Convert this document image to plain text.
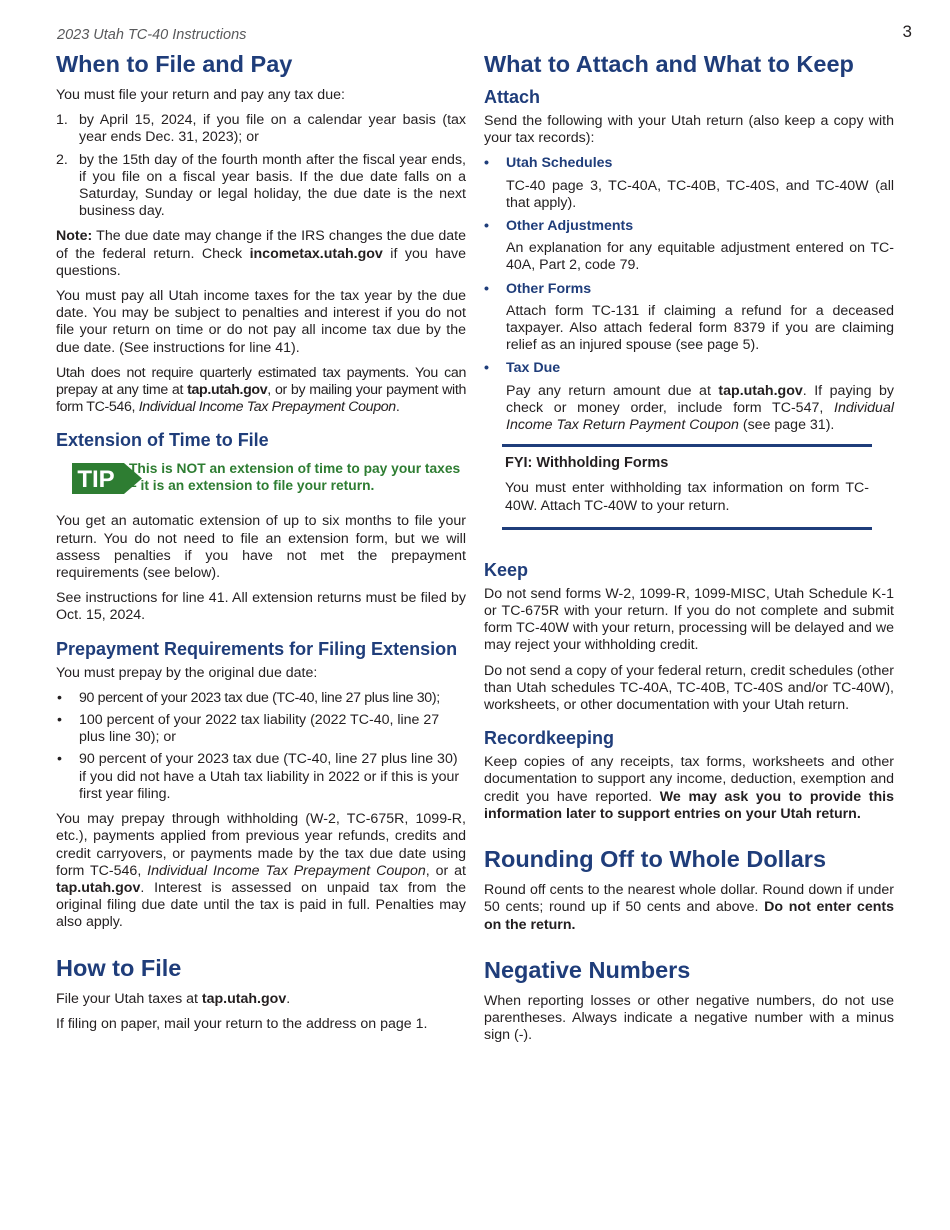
2023 Utah TC-40 Instructions	3
When to File and Pay

You must file your return and pay any tax due:

1. by April 15, 2024, if you file on a calendar year basis (tax year ends Dec. 31, 2023); or
2. by the 15th day of the fourth month after the fiscal year ends, if you file on a fiscal year basis. If the due date falls on a Saturday, Sunday or legal holiday, the due date is the next business day.

Note: The due date may change if the IRS changes the due date of the federal return. Check incometax.utah.gov if you have questions.

You must pay all Utah income taxes for the tax year by the due date. You may be subject to penalties and interest if you do not file your return on time or do not pay all income tax due by the due date. (See instructions for line 41).

Utah does not require quarterly estimated tax payments. You can prepay at any time at tap.utah.gov, or by mailing your payment with form TC-546, Individual Income Tax Prepayment Coupon.

Extension of Time to File
TIP This is NOT an extension of time to pay your taxes – it is an extension to file your return.

You get an automatic extension of up to six months to file your return. You do not need to file an extension form, but we will assess penalties if you have not met the prepayment requirements (see below).

See instructions for line 41. All extension returns must be filed by Oct. 15, 2024.

Prepayment Requirements for Filing Extension

You must prepay by the original due date:

• 90 percent of your 2023 tax due (TC-40, line 27 plus line 30);
• 100 percent of your 2022 tax liability (2022 TC-40, line 27 plus line 30); or
• 90 percent of your 2023 tax due (TC-40, line 27 plus line 30) if you did not have a Utah tax liability in 2022 or if this is your first year filing.

You may prepay through withholding (W-2, TC-675R, 1099-R, etc.), payments applied from previous year refunds, credits and credit carryovers, or payments made by the tax due date using form TC-546, Individual Income Tax Prepayment Coupon, or at tap.utah.gov. Interest is assessed on unpaid tax from the original filing due date until the tax is paid in full. Penalties may also apply.

How to File

File your Utah taxes at tap.utah.gov.

If filing on paper, mail your return to the address on page 1.

What to Attach and What to Keep
Attach

Send the following with your Utah return (also keep a copy with your tax records):

• Utah Schedules
TC-40 page 3, TC-40A, TC-40B, TC-40S, and TC-40W (all that apply).
• Other Adjustments
An explanation for any equitable adjustment entered on TC-40A, Part 2, code 79.
• Other Forms
Attach form TC-131 if claiming a refund for a deceased taxpayer. Also attach federal form 8379 if you are claiming relief as an injured spouse (see page 5).
• Tax Due
Pay any return amount due at tap.utah.gov. If paying by check or money order, include form TC-547, Individual Income Tax Return Payment Coupon (see page 31).
FYI: Withholding Forms
You must enter withholding tax information on form TC-40W. Attach TC-40W to your return.
Keep

Do not send forms W-2, 1099-R, 1099-MISC, Utah Schedule K-1 or TC-675R with your return. If you do not complete and submit form TC-40W with your return, processing will be delayed and we may reject your withholding credit.

Do not send a copy of your federal return, credit schedules (other than Utah schedules TC-40A, TC-40B, TC-40S and/or TC-40W), worksheets, or other documentation with your Utah return.

Recordkeeping

Keep copies of any receipts, tax forms, worksheets and other documentation to support any income, deduction, exemption and credit you have reported. We may ask you to provide this information later to support entries on your Utah return.

Rounding Off to Whole Dollars

Round off cents to the nearest whole dollar. Round down if under 50 cents; round up if 50 cents and above. Do not enter cents on the return.

Negative Numbers

When reporting losses or other negative numbers, do not use parentheses. Always indicate a negative number with a minus sign (-).
